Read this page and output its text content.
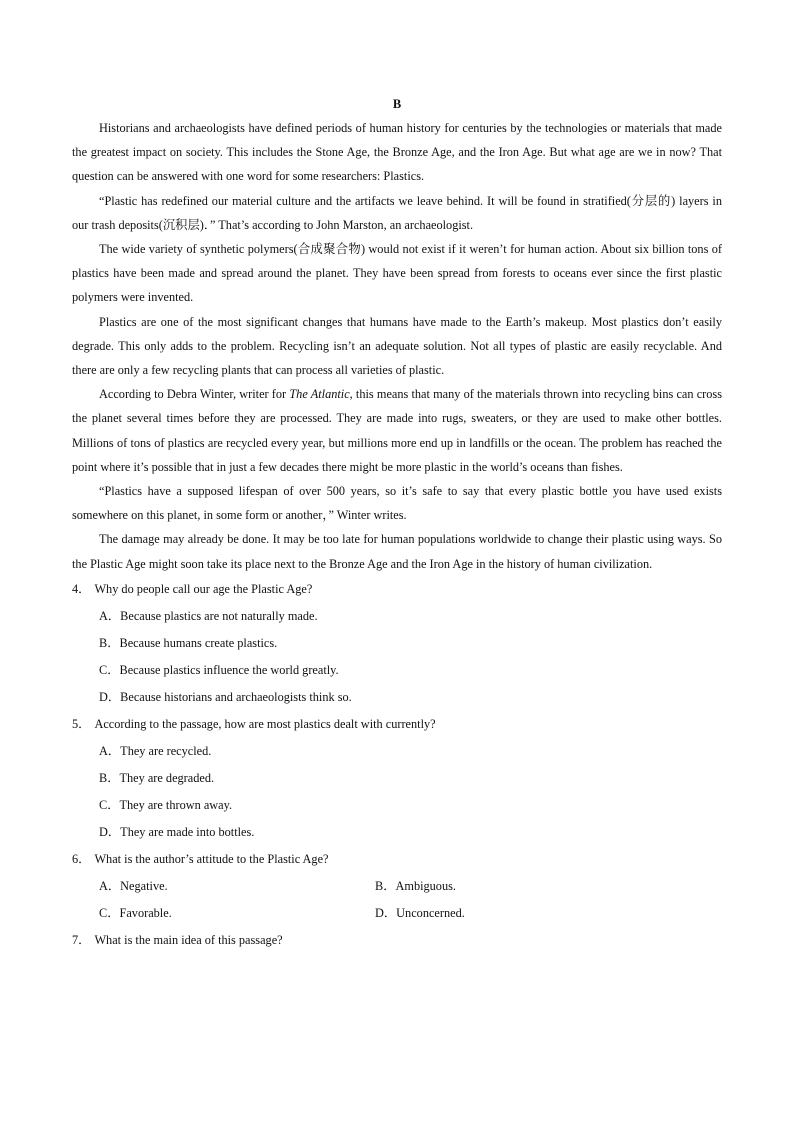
B

Historians and archaeologists have defined periods of human history for centuries by the technologies or materials that made the greatest impact on society. This includes the Stone Age, the Bronze Age, and the Iron Age. But what age are we in now? That question can be answered with one word for some researchers: Plastics.

“Plastic has redefined our material culture and the artifacts we leave behind. It will be found in stratified(分层的) layers in our trash deposits(沉积层)．” That’s according to John Marston, an archaeologist.

The wide variety of synthetic polymers(合成聚合物) would not exist if it weren’t for human action. About six billion tons of plastics have been made and spread around the planet. They have been spread from forests to oceans ever since the first plastic polymers were invented.

Plastics are one of the most significant changes that humans have made to the Earth’s makeup. Most plastics don’t easily degrade. This only adds to the problem. Recycling isn’t an adequate solution. Not all types of plastic are easily recyclable. And there are only a few recycling plants that can process all varieties of plastic.

According to Debra Winter, writer for The Atlantic, this means that many of the materials thrown into recycling bins can cross the planet several times before they are processed. They are made into rugs, sweaters, or they are used to make other bottles. Millions of tons of plastics are recycled every year, but millions more end up in landfills or the ocean. The problem has reached the point where it’s possible that in just a few decades there might be more plastic in the world’s oceans than fishes.

“Plastics have a supposed lifespan of over 500 years, so it’s safe to say that every plastic bottle you have used exists somewhere on this planet, in some form or another，” Winter writes.

The damage may already be done. It may be too late for human populations worldwide to change their plastic using ways. So the Plastic Age might soon take its place next to the Bronze Age and the Iron Age in the history of human civilization.

4． Why do people call our age the Plastic Age?

A．Because plastics are not naturally made.
B．Because humans create plastics.
C．Because plastics influence the world greatly.
D．Because historians and archaeologists think so.

5． According to the passage, how are most plastics dealt with currently?

A．They are recycled.
B．They are degraded.
C．They are thrown away.
D．They are made into bottles.

6． What is the author’s attitude to the Plastic Age?

A．Negative.	B．Ambiguous.
C．Favorable.	D．Unconcerned.

7． What is the main idea of this passage?
